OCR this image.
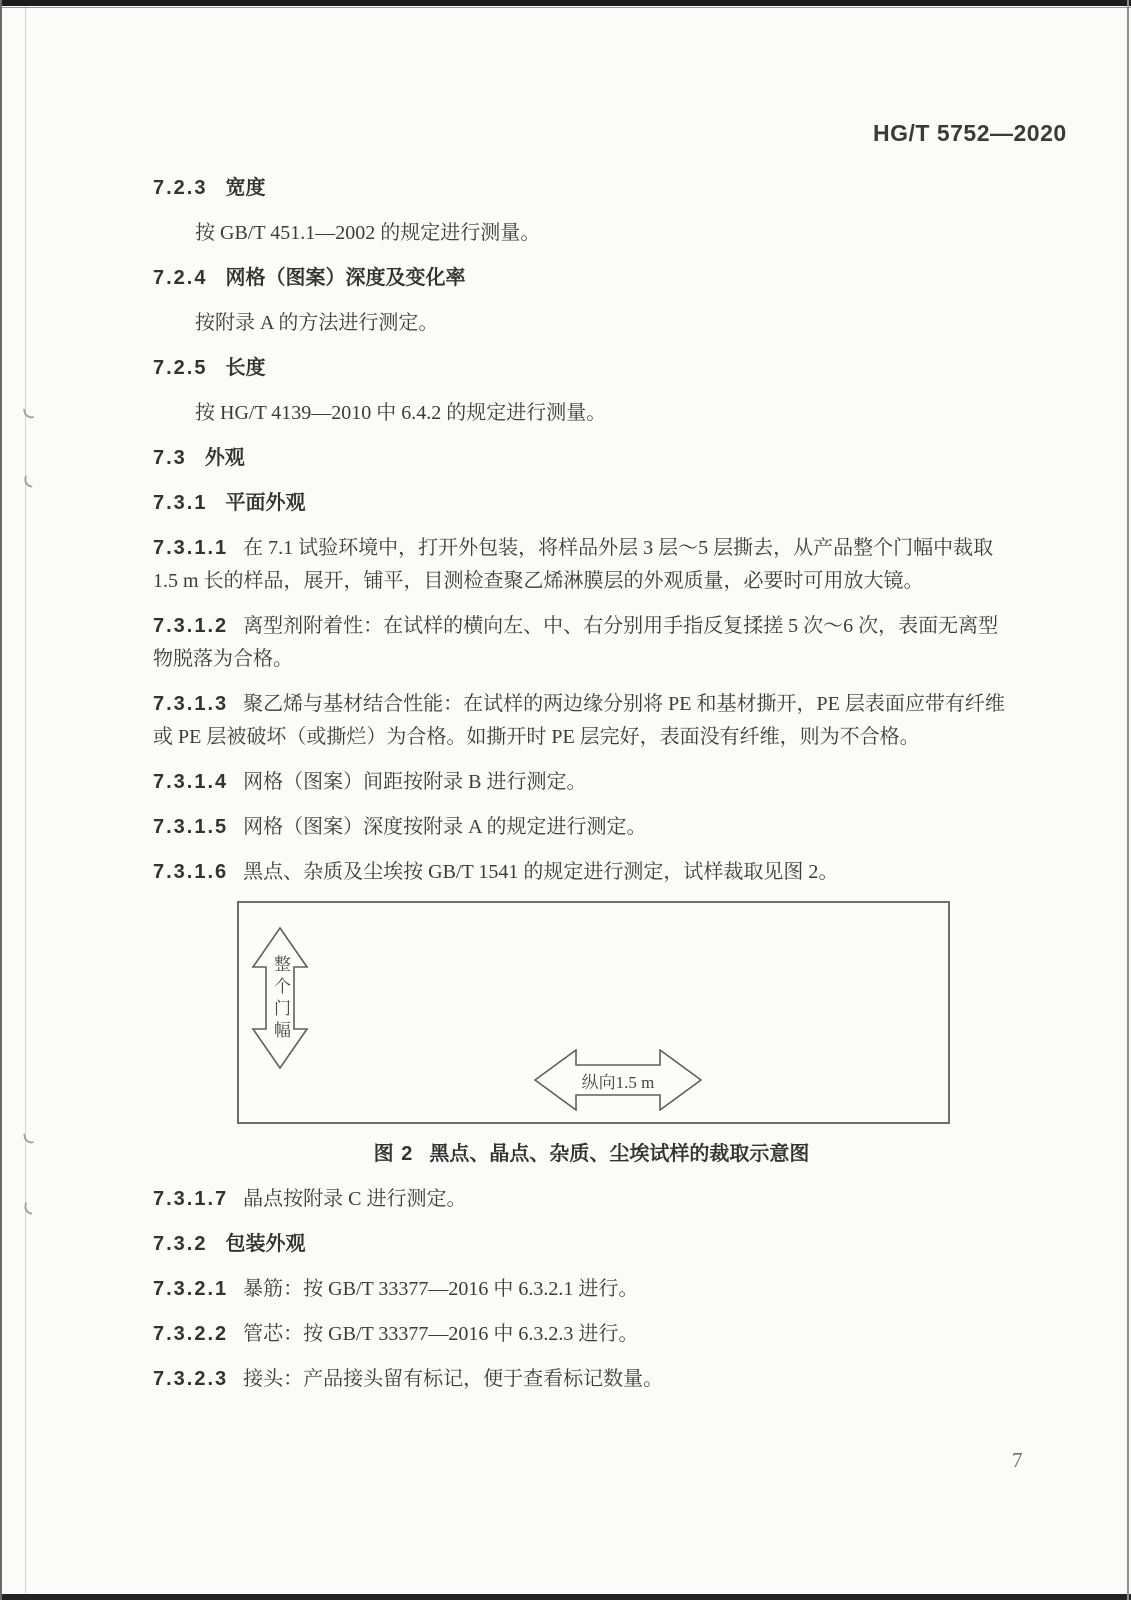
HG/T 5752—2020
7.2.3 宽度

按 GB/T 451.1—2002 的规定进行测量。

7.2.4 网格（图案）深度及变化率

按附录 A 的方法进行测定。

7.2.5 长度

按 HG/T 4139—2010 中 6.4.2 的规定进行测量。

7.3 外观
7.3.1 平面外观
7.3.1.1 在 7.1 试验环境中，打开外包装，将样品外层 3 层～5 层撕去，从产品整个门幅中裁取 1.5 m 长的样品，展开，铺平，目测检查聚乙烯淋膜层的外观质量，必要时可用放大镜。
7.3.1.2 离型剂附着性：在试样的横向左、中、右分别用手指反复揉搓 5 次～6 次，表面无离型物脱落为合格。
7.3.1.3 聚乙烯与基材结合性能：在试样的两边缘分别将 PE 和基材撕开，PE 层表面应带有纤维或 PE 层被破坏（或撕烂）为合格。如撕开时 PE 层完好，表面没有纤维，则为不合格。
7.3.1.4 网格（图案）间距按附录 B 进行测定。
7.3.1.5 网格（图案）深度按附录 A 的规定进行测定。
7.3.1.6 黑点、杂质及尘埃按 GB/T 1541 的规定进行测定，试样裁取见图 2。
整个门幅
纵向1.5 m
图 2 黑点、晶点、杂质、尘埃试样的裁取示意图
7.3.1.7 晶点按附录 C 进行测定。
7.3.2 包装外观
7.3.2.1 暴筋：按 GB/T 33377—2016 中 6.3.2.1 进行。
7.3.2.2 管芯：按 GB/T 33377—2016 中 6.3.2.3 进行。
7.3.2.3 接头：产品接头留有标记，便于查看标记数量。
7
